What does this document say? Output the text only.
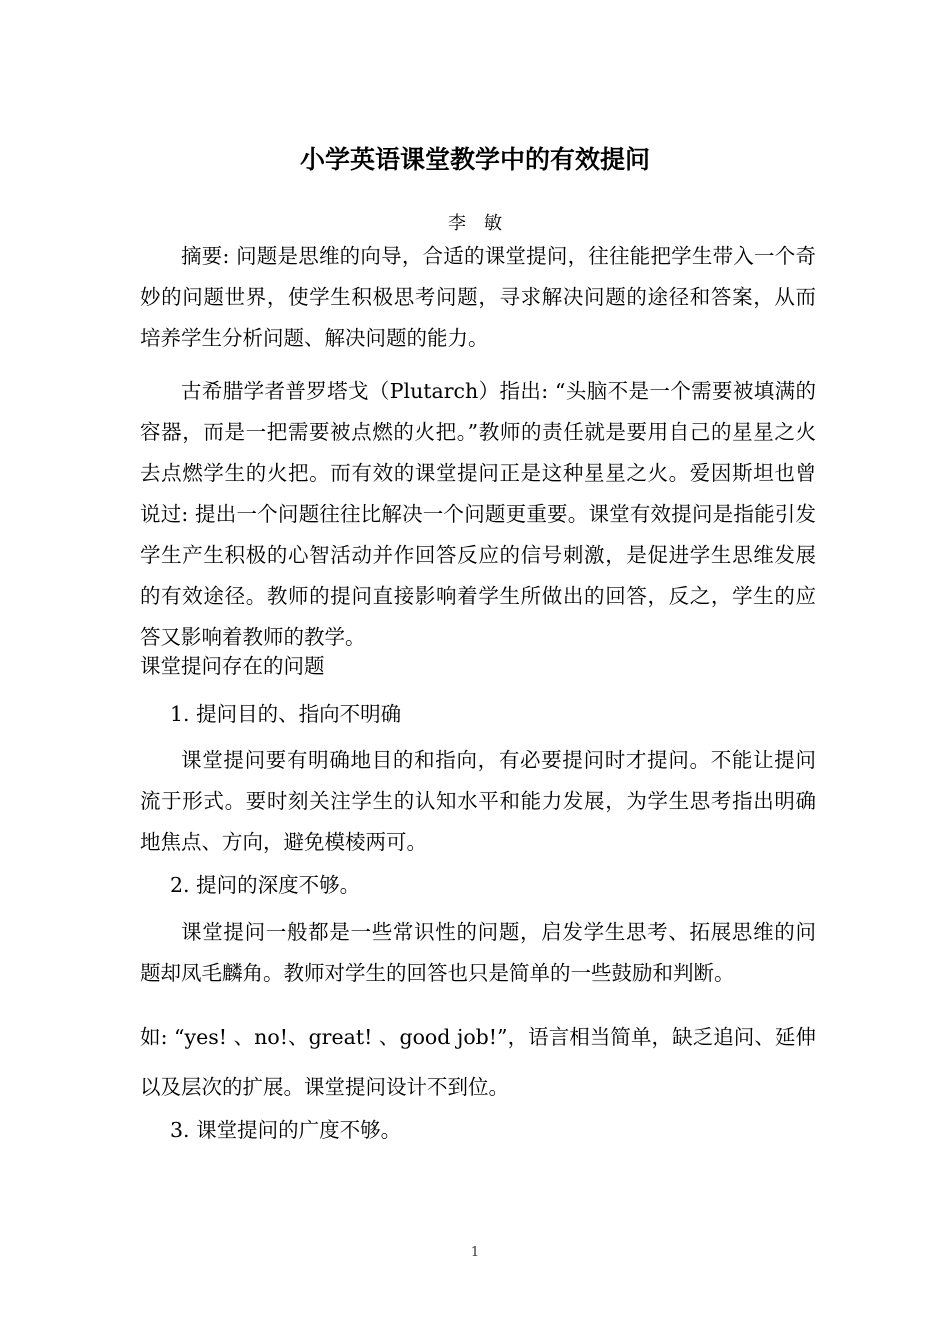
小学英语课堂教学中的有效提问
李敏

摘要: 问题是思维的向导，合适的课堂提问，往往能把学生带入一个奇妙的问题世界，使学生积极思考问题，寻求解决问题的途径和答案，从而培养学生分析问题、解决问题的能力。

古希腊学者普罗塔戈（Plutarch）指出: “头脑不是一个需要被填满的容器，而是一把需要被点燃的火把。”教师的责任就是要用自己的星星之火去点燃学生的火把。而有效的课堂提问正是这种星星之火。爱因斯坦也曾说过: 提出一个问题往往比解决一个问题更重要。课堂有效提问是指能引发学生产生积极的心智活动并作回答反应的信号刺激，是促进学生思维发展的有效途径。教师的提问直接影响着学生所做出的回答，反之，学生的应答又影响着教师的教学。

课堂提问存在的问题
1. 提问目的、指向不明确

课堂提问要有明确地目的和指向，有必要提问时才提问。不能让提问流于形式。要时刻关注学生的认知水平和能力发展，为学生思考指出明确地焦点、方向，避免模棱两可。

2. 提问的深度不够。

课堂提问一般都是一些常识性的问题，启发学生思考、拓展思维的问题却凤毛麟角。教师对学生的回答也只是简单的一些鼓励和判断。

如: “yes! 、no!、great! 、good job!”，语言相当简单，缺乏追问、延伸以及层次的扩展。课堂提问设计不到位。

3. 课堂提问的广度不够。
1
